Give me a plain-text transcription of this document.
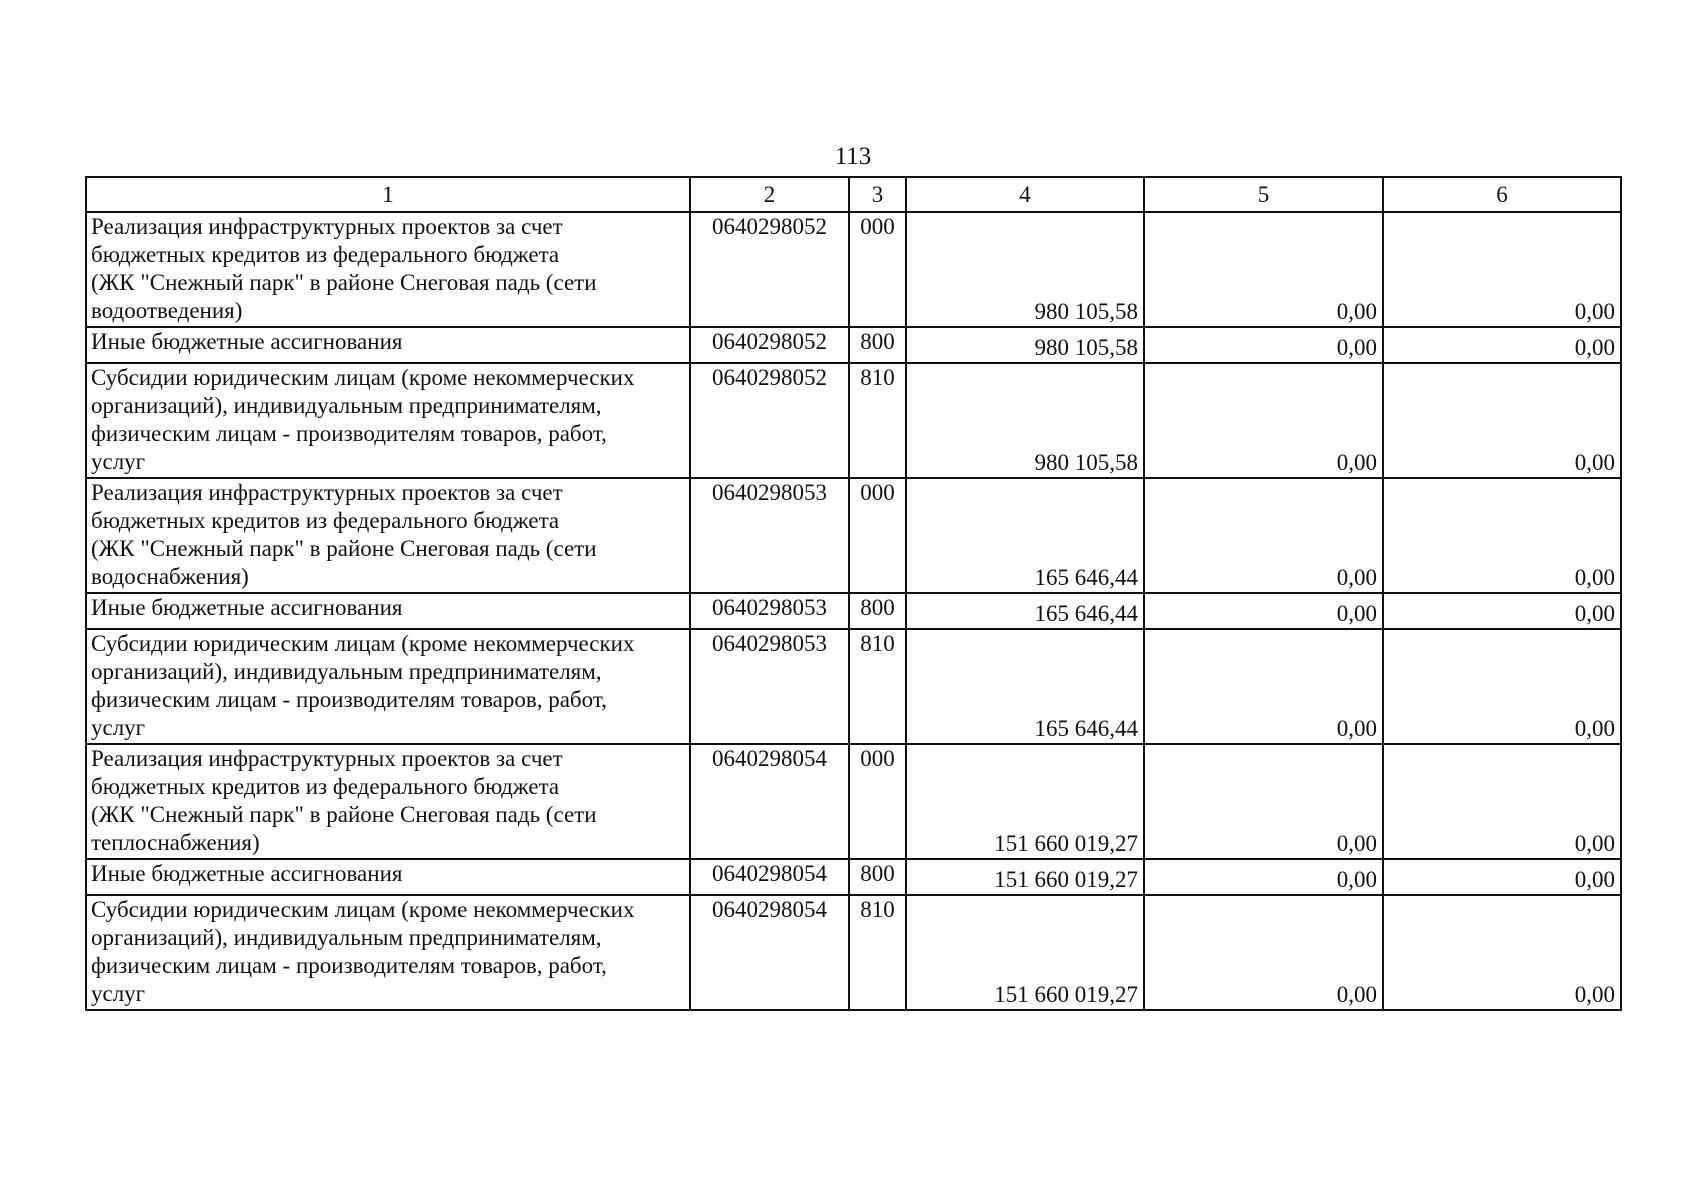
113
1	2	3	4	5	6

Реализация инфраструктурных проектов за счет
бюджетных кредитов из федерального бюджета
(ЖК "Снежный парк" в районе Снеговая падь (сети
водоотведения)	0640298052	000	980 105,58	0,00	0,00

Иные бюджетные ассигнования	0640298052	800	980 105,58	0,00	0,00

Субсидии юридическим лицам (кроме некоммерческих
организаций), индивидуальным предпринимателям,
физическим лицам - производителям товаров, работ,
услуг	0640298052	810	980 105,58	0,00	0,00

Реализация инфраструктурных проектов за счет
бюджетных кредитов из федерального бюджета
(ЖК "Снежный парк" в районе Снеговая падь (сети
водоснабжения)	0640298053	000	165 646,44	0,00	0,00

Иные бюджетные ассигнования	0640298053	800	165 646,44	0,00	0,00

Субсидии юридическим лицам (кроме некоммерческих
организаций), индивидуальным предпринимателям,
физическим лицам - производителям товаров, работ,
услуг	0640298053	810	165 646,44	0,00	0,00

Реализация инфраструктурных проектов за счет
бюджетных кредитов из федерального бюджета
(ЖК "Снежный парк" в районе Снеговая падь (сети
теплоснабжения)	0640298054	000	151 660 019,27	0,00	0,00

Иные бюджетные ассигнования	0640298054	800	151 660 019,27	0,00	0,00

Субсидии юридическим лицам (кроме некоммерческих
организаций), индивидуальным предпринимателям,
физическим лицам - производителям товаров, работ,
услуг	0640298054	810	151 660 019,27	0,00	0,00
